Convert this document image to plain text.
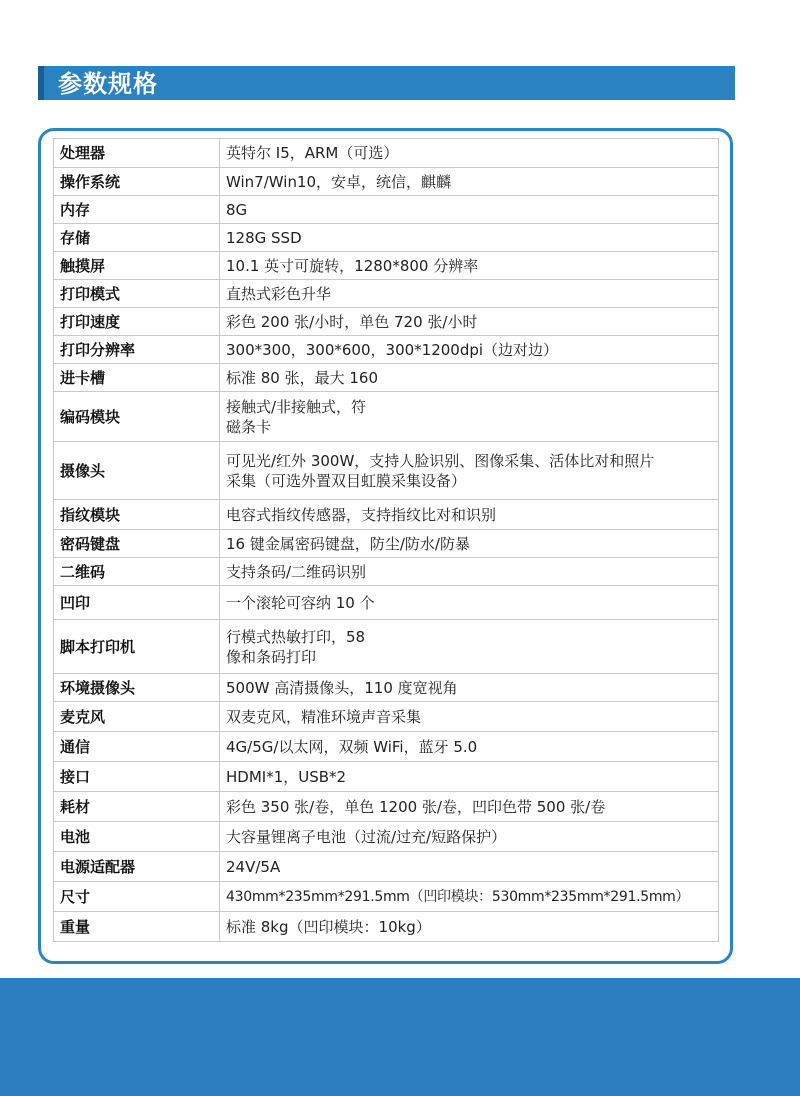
参数规格
处理器	英特尔 I5，ARM（可选）
操作系统	Win7/Win10，安卓，统信，麒麟
内存	8G
存储	128G SSD
触摸屏	10.1 英寸可旋转，1280*800 分辨率
打印模式	直热式彩色升华
打印速度	彩色 200 张/小时，单色 720 张/小时
打印分辨率	300*300，300*600，300*1200dpi（边对边）
进卡槽	标准 80 张，最大 160
编码模块	接触式/非接触式，符
磁条卡

摄像头	可见光/红外 300W，支持人脸识别、图像采集、活体比对和照片
采集（可选外置双目虹膜采集设备）

指纹模块	电容式指纹传感器，支持指纹比对和识别
密码键盘	16 键金属密码键盘，防尘/防水/防暴
二维码	支持条码/二维码识别
凹印	一个滚轮可容纳 10 个
脚本打印机	行模式热敏打印，58
像和条码打印

环境摄像头	500W 高清摄像头，110 度宽视角
麦克风	双麦克风，精准环境声音采集
通信	4G/5G/以太网，双频 WiFi，蓝牙 5.0
接口	HDMI*1，USB*2
耗材	彩色 350 张/卷，单色 1200 张/卷，凹印色带 500 张/卷
电池	大容量锂离子电池（过流/过充/短路保护）
电源适配器	24V/5A
尺寸	430mm*235mm*291.5mm（凹印模块：530mm*235mm*291.5mm）
重量	标准 8kg（凹印模块：10kg）
